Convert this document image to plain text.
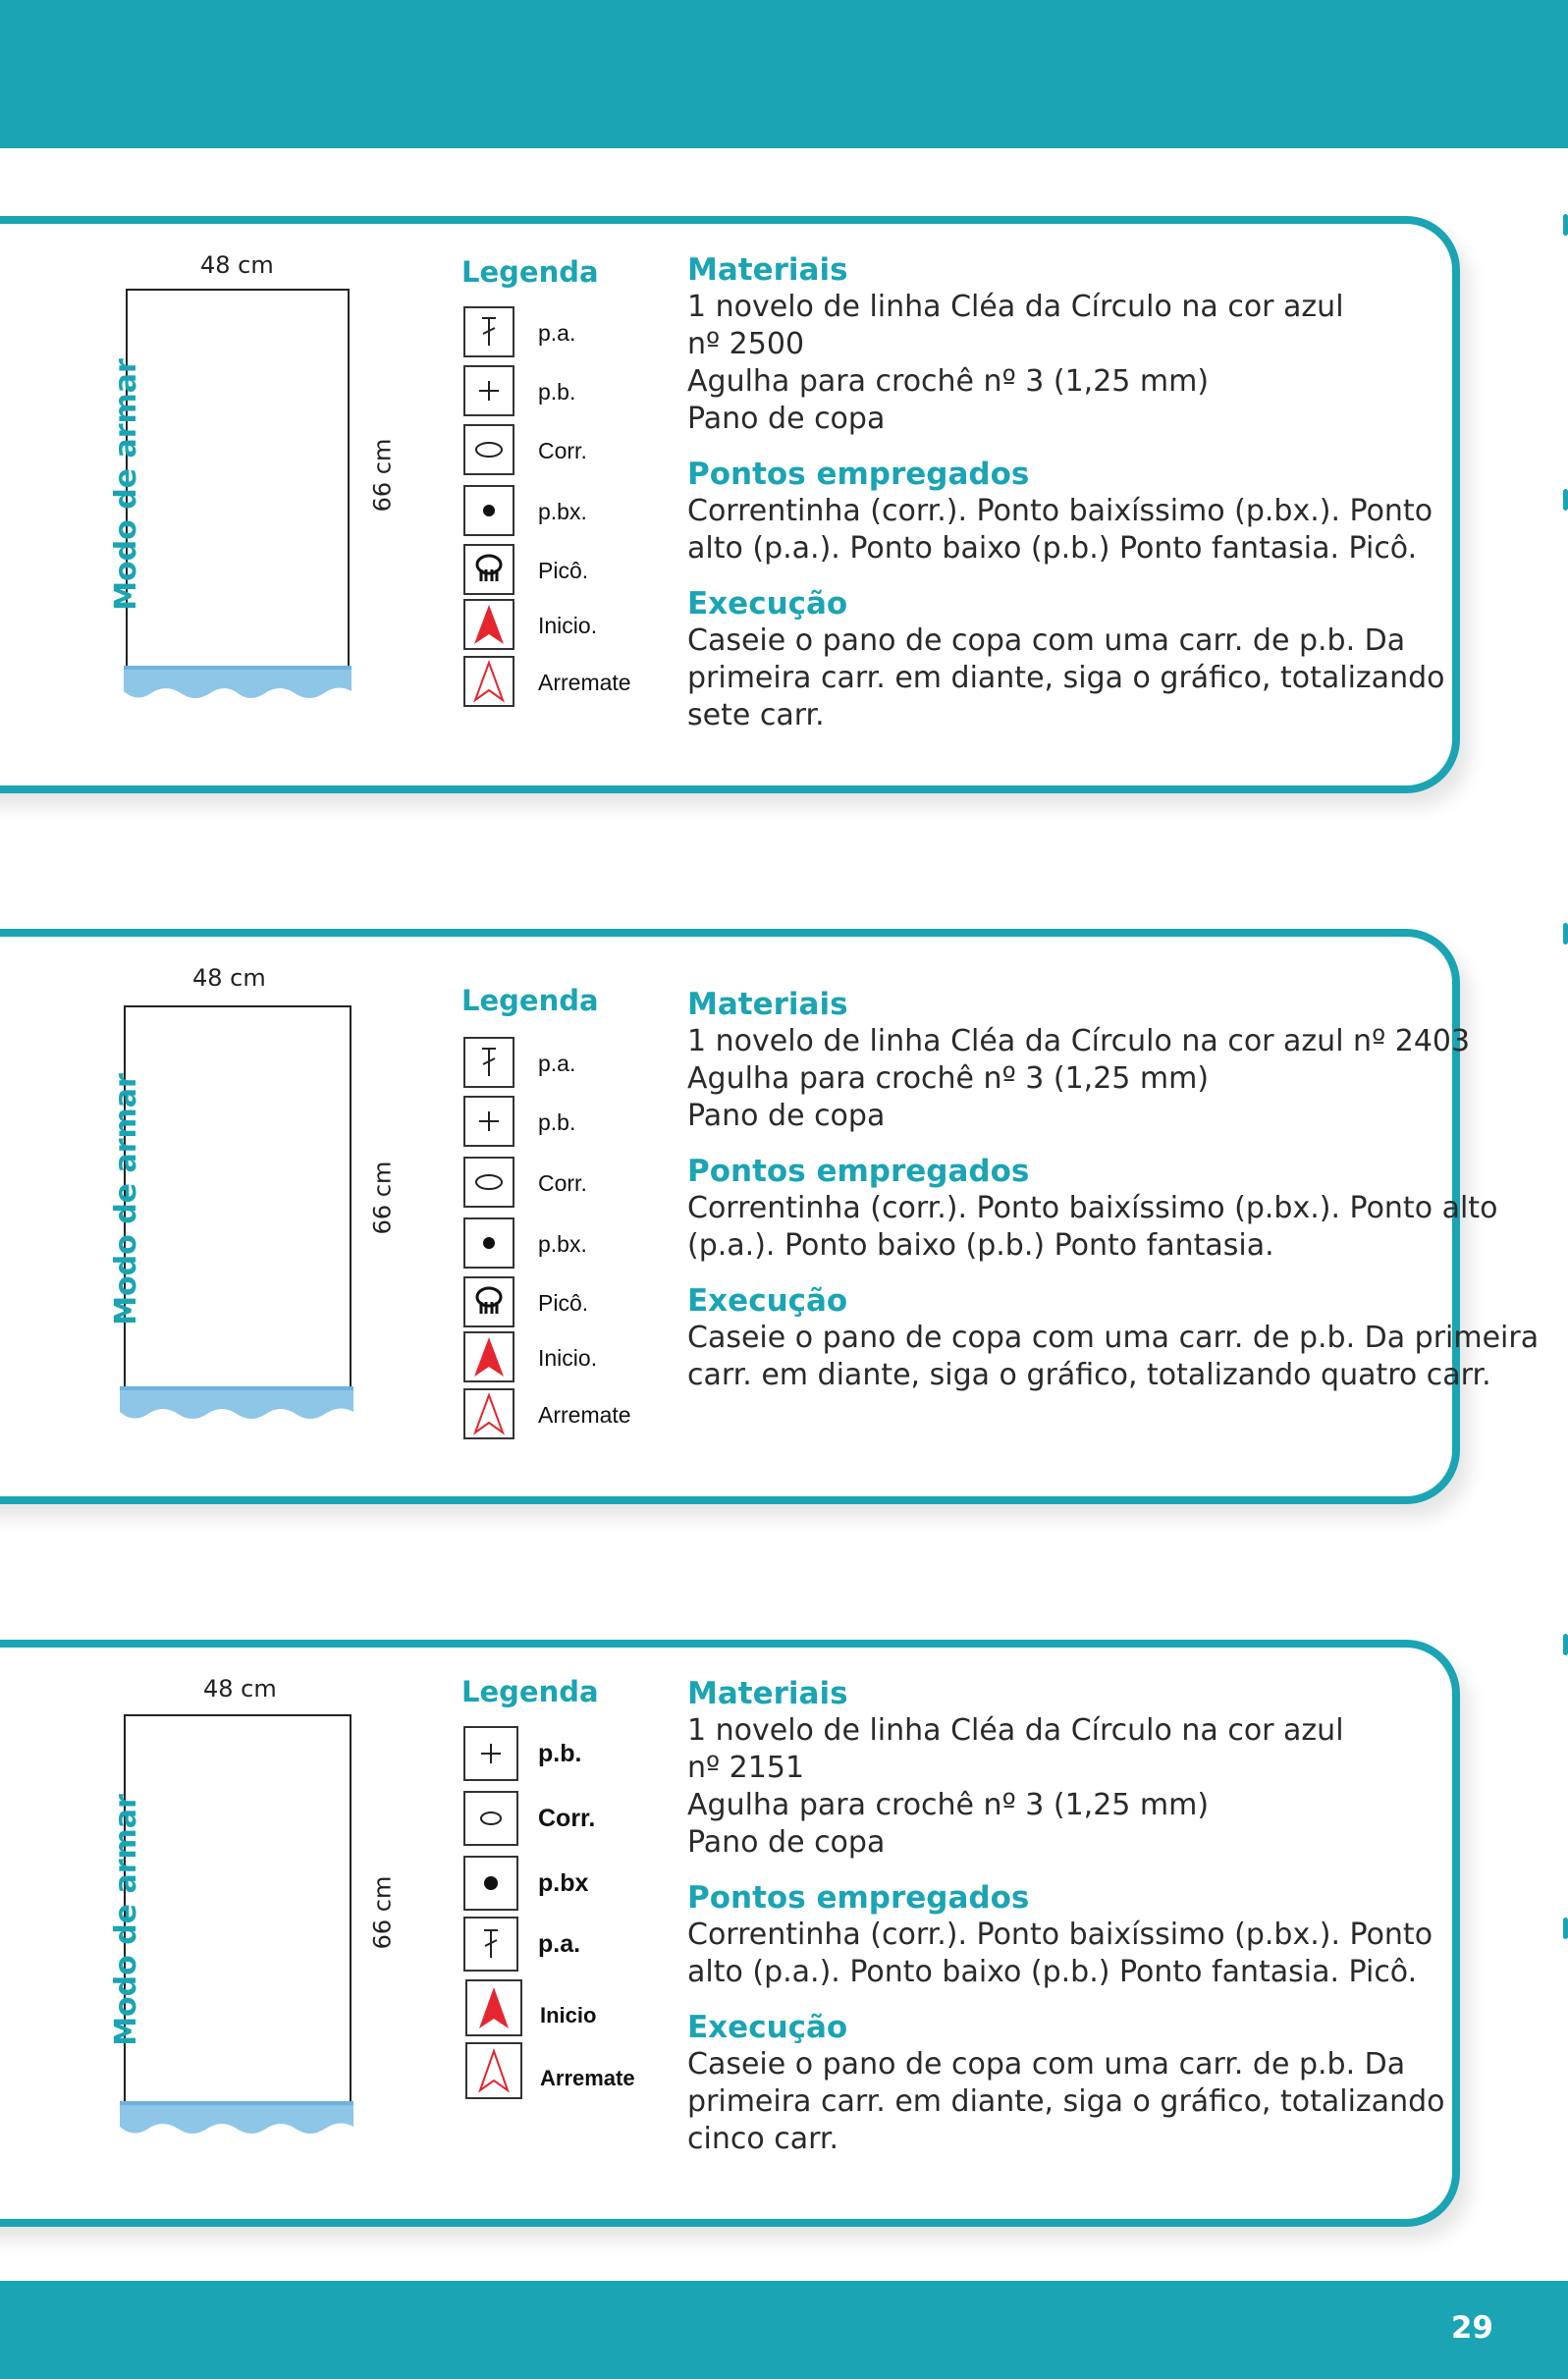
48 cm
66 cm
Modo de armar
Legenda
p.a.
p.b.
Corr.
p.bx.
Picô.
Inicio.
Arremate

Materiais

1 novelo de linha Cléa da Círculo na cor azul

nº 2500

Agulha para crochê nº 3 (1,25 mm)

Pano de copa

Pontos empregados

Correntinha (corr.). Ponto baixíssimo (p.bx.). Ponto

alto (p.a.). Ponto baixo (p.b.) Ponto fantasia. Picô.

Execução

Caseie o pano de copa com uma carr. de p.b. Da

primeira carr. em diante, siga o gráfico, totalizando

sete carr.

48 cm
66 cm
Modo de armar
Legenda
p.a.
p.b.
Corr.
p.bx.
Picô.
Inicio.
Arremate

Materiais

1 novelo de linha Cléa da Círculo na cor azul nº 2403

Agulha para crochê nº 3 (1,25 mm)

Pano de copa

Pontos empregados

Correntinha (corr.). Ponto baixíssimo (p.bx.). Ponto alto

(p.a.). Ponto baixo (p.b.) Ponto fantasia.

Execução

Caseie o pano de copa com uma carr. de p.b. Da primeira

carr. em diante, siga o gráfico, totalizando quatro carr.

48 cm
66 cm
Modo de armar
Legenda
p.b.
Corr.
p.bx
p.a.
Inicio
Arremate

Materiais

1 novelo de linha Cléa da Círculo na cor azul

nº 2151

Agulha para crochê nº 3 (1,25 mm)

Pano de copa

Pontos empregados

Correntinha (corr.). Ponto baixíssimo (p.bx.). Ponto

alto (p.a.). Ponto baixo (p.b.) Ponto fantasia. Picô.

Execução

Caseie o pano de copa com uma carr. de p.b. Da

primeira carr. em diante, siga o gráfico, totalizando

cinco carr.

29
